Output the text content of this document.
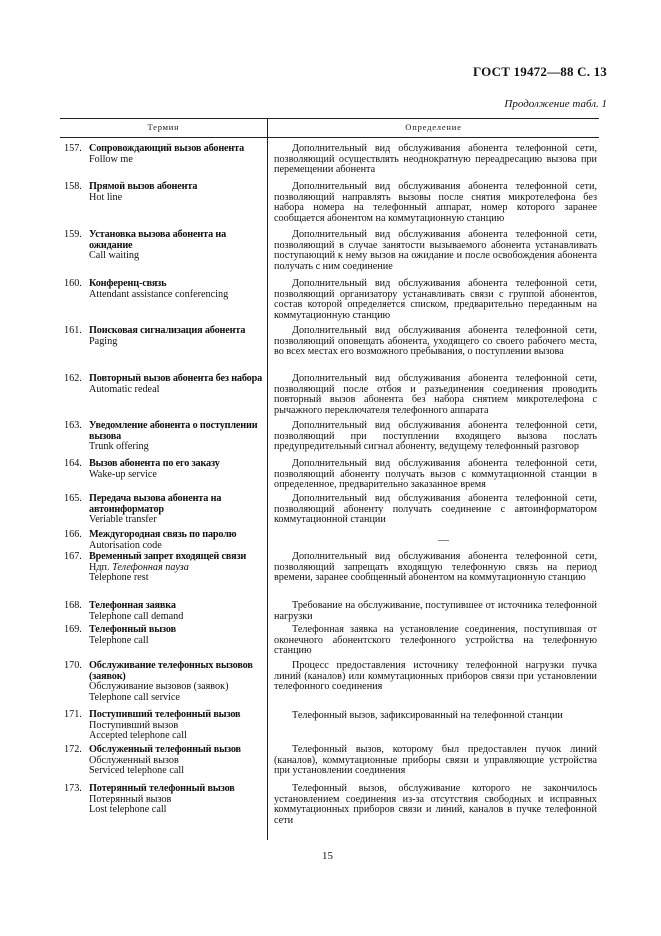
ГОСТ 19472—88 С. 13
Продолжение табл. 1
Термин	Определение
157. Сопровождающий вызов абонента
Follow me
Дополнительный вид обслуживания абонента телефонной сети, позволяющий осуществлять неоднократную переадресацию вызова при перемещении абонента
158. Прямой вызов абонента
Hot line
Дополнительный вид обслуживания абонента телефонной сети, позволяющий направлять вызовы после снятия микротелефона без набора номера на телефонный аппарат, номер которого заранее сообщается абонентом на коммутационную станцию
159. Установка вызова абонента на ожидание
Call waiting
Дополнительный вид обслуживания абонента телефонной сети, позволяющий в случае занятости вызываемого абонента устанавливать поступающий к нему вызов на ожидание и после освобождения абонента получать с ним соединение
160. Конференц-связь
Attendant assistance conferencing
Дополнительный вид обслуживания абонента телефонной сети, позволяющий организатору устанавливать связи с группой абонентов, состав которой определяется списком, предварительно переданным на коммутационную станцию
161. Поисковая сигнализация абонента
Paging
Дополнительный вид обслуживания абонента телефонной сети, позволяющий оповещать абонента, уходящего со своего рабочего места, во всех местах его возможного пребывания, о поступлении вызова
162. Повторный вызов абонента без набора
Automatic redeal
Дополнительный вид обслуживания абонента телефонной сети, позволяющий после отбоя и разъединения соединения проводить повторный вызов абонента без набора снятием микротелефона с рычажного переключателя телефонного аппарата
163. Уведомление абонента о поступлении вызова
Trunk offering
Дополнительный вид обслуживания абонента телефонной сети, позволяющий при поступлении входящего вызова послать предупредительный сигнал абоненту, ведущему телефонный разговор
164. Вызов абонента по его заказу
Wake-up service
Дополнительный вид обслуживания абонента телефонной сети, позволяющий абоненту получать вызов с коммутационной станции в определенное, предварительно заказанное время
165. Передача вызова абонента на автоинформатор
Veriable transfer
Дополнительный вид обслуживания абонента телефонной сети, позволяющий абоненту получать соединение с автоинформатором коммутационной станции
166. Междугородная связь по паролю
Autorisation code	—
167. Временный запрет входящей связи
Ндп. Телефонная пауза
Telephone rest
Дополнительный вид обслуживания абонента телефонной сети, позволяющий запрещать входящую телефонную связь на период времени, заранее сообщенный абонентом на коммутационную станцию
168. Телефонная заявка
Telephone call demand
Требование на обслуживание, поступившее от источника телефонной нагрузки
169. Телефонный вызов
Telephone call
Телефонная заявка на установление соединения, поступившая от оконечного абонентского телефонного устройства на телефонную станцию
170. Обслуживание телефонных вызовов (заявок)
Обслуживание вызовов (заявок)
Telephone call service
Процесс предоставления источнику телефонной нагрузки пучка линий (каналов) или коммутационных приборов связи при установлении телефонного соединения
171. Поступивший телефонный вызов
Поступивший вызов
Accepted telephone call
Телефонный вызов, зафиксированный на телефонной станции
172. Обслуженный телефонный вызов
Обслуженный вызов
Serviced telephone call
Телефонный вызов, которому был предоставлен пучок линий (каналов), коммутационные приборы связи и управляющие устройства при установлении соединения
173. Потерянный телефонный вызов
Потерянный вызов
Lost telephone call
Телефонный вызов, обслуживание которого не закончилось установлением соединения из-за отсутствия свободных и исправных коммутационных приборов связи и линий, каналов в пучке телефонной сети
15
